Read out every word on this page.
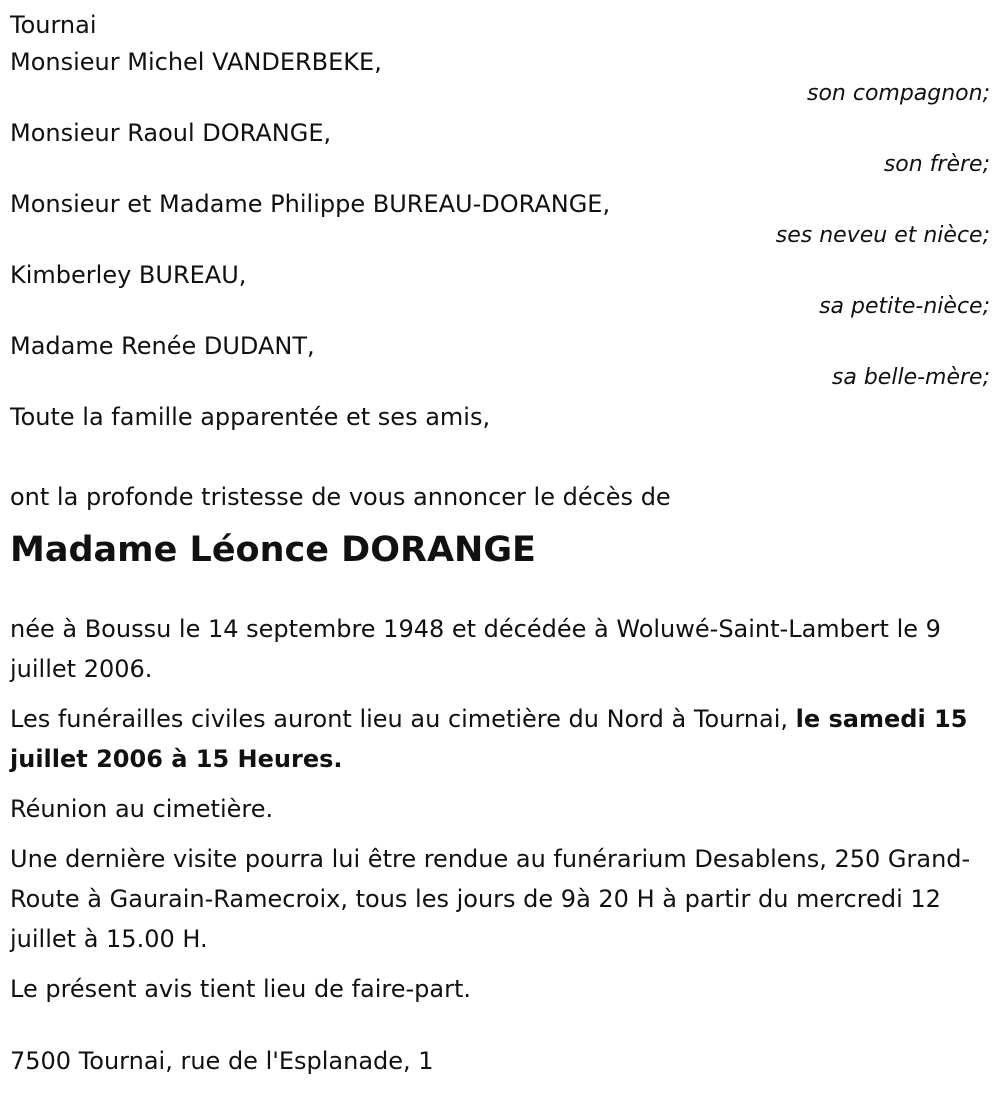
Tournai
Monsieur Michel VANDERBEKE,
son compagnon;
Monsieur Raoul DORANGE,
son frère;
Monsieur et Madame Philippe BUREAU-DORANGE,
ses neveu et nièce;
Kimberley BUREAU,
sa petite-nièce;
Madame Renée DUDANT,
sa belle-mère;
Toute la famille apparentée et ses amis,
ont la profonde tristesse de vous annoncer le décès de
Madame Léonce DORANGE
née à Boussu le 14 septembre 1948 et décédée à Woluwé-Saint-Lambert le 9 juillet 2006.
Les funérailles civiles auront lieu au cimetière du Nord à Tournai, le samedi 15 juillet 2006 à 15 Heures.
Réunion au cimetière.
Une dernière visite pourra lui être rendue au funérarium Desablens, 250 Grand-Route à Gaurain-Ramecroix, tous les jours de 9à 20 H à partir du mercredi 12 juillet à 15.00 H.
Le présent avis tient lieu de faire-part.
7500 Tournai, rue de l'Esplanade, 1
